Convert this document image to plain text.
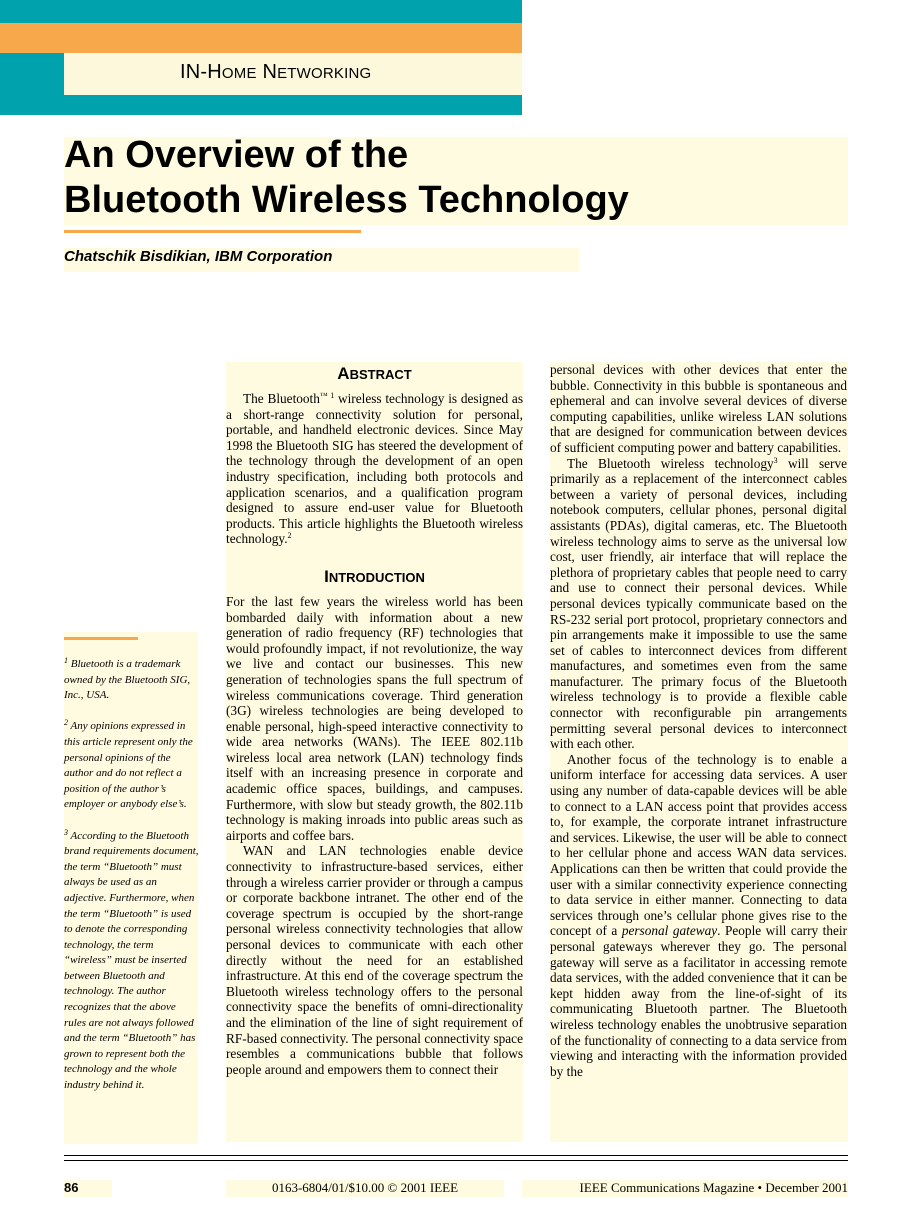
IN-HOME NETWORKING
An Overview of the
Bluetooth Wireless Technology
Chatschik Bisdikian, IBM Corporation
ABSTRACT

The Bluetooth$^{™ 1}$ wireless technology is designed as a short-range connectivity solution for personal, portable, and handheld electronic devices. Since May 1998 the Bluetooth SIG has steered the development of the technology through the development of an open industry specification, including both protocols and application scenarios, and a qualification program designed to assure end-user value for Bluetooth products. This article highlights the Bluetooth wireless technology.$^2$

INTRODUCTION

For the last few years the wireless world has been bombarded daily with information about a new generation of radio frequency (RF) technologies that would profoundly impact, if not revolutionize, the way we live and contact our businesses. This new generation of technologies spans the full spectrum of wireless communications coverage. Third generation (3G) wireless technologies are being developed to enable personal, high-speed interactive connectivity to wide area networks (WANs). The IEEE 802.11b wireless local area network (LAN) technology finds itself with an increasing presence in corporate and academic office spaces, buildings, and campuses. Furthermore, with slow but steady growth, the 802.11b technology is making inroads into public areas such as airports and coffee bars.

WAN and LAN technologies enable device connectivity to infrastructure-based services, either through a wireless carrier provider or through a campus or corporate backbone intranet. The other end of the coverage spectrum is occupied by the short-range personal wireless connectivity technologies that allow personal devices to communicate with each other directly without the need for an established infrastructure. At this end of the coverage spectrum the Bluetooth wireless technology offers to the personal connectivity space the benefits of omni-directionality and the elimination of the line of sight requirement of RF-based connectivity. The personal connectivity space resembles a communications bubble that follows people around and empowers them to connect their

personal devices with other devices that enter the bubble. Connectivity in this bubble is spontaneous and ephemeral and can involve several devices of diverse computing capabilities, unlike wireless LAN solutions that are designed for communication between devices of sufficient computing power and battery capabilities.

The Bluetooth wireless technology$^3$ will serve primarily as a replacement of the interconnect cables between a variety of personal devices, including notebook computers, cellular phones, personal digital assistants (PDAs), digital cameras, etc. The Bluetooth wireless technology aims to serve as the universal low cost, user friendly, air interface that will replace the plethora of proprietary cables that people need to carry and use to connect their personal devices. While personal devices typically communicate based on the RS-232 serial port protocol, proprietary connectors and pin arrangements make it impossible to use the same set of cables to interconnect devices from different manufactures, and sometimes even from the same manufacturer. The primary focus of the Bluetooth wireless technology is to provide a flexible cable connector with reconfigurable pin arrangements permitting several personal devices to interconnect with each other.

Another focus of the technology is to enable a uniform interface for accessing data services. A user using any number of data-capable devices will be able to connect to a LAN access point that provides access to, for example, the corporate intranet infrastructure and services. Likewise, the user will be able to connect to her cellular phone and access WAN data services. Applications can then be written that could provide the user with a similar connectivity experience connecting to data service in either manner. Connecting to data services through one’s cellular phone gives rise to the concept of a personal gateway. People will carry their personal gateways wherever they go. The personal gateway will serve as a facilitator in accessing remote data services, with the added convenience that it can be kept hidden away from the line-of-sight of its communicating Bluetooth partner. The Bluetooth wireless technology enables the unobtrusive separation of the functionality of connecting to a data service from viewing and interacting with the information provided by the

$^1$ Bluetooth is a trademark owned by the Bluetooth SIG, Inc., USA.

$^2$ Any opinions expressed in this article represent only the personal opinions of the author and do not reflect a position of the author’s employer or anybody else’s.

$^3$ According to the Bluetooth brand requirements document, the term “Bluetooth” must always be used as an adjective. Furthermore, when the term “Bluetooth” is used to denote the corresponding technology, the term “wireless” must be inserted between Bluetooth and technology. The author recognizes that the above rules are not always followed and the term “Bluetooth” has grown to represent both the technology and the whole industry behind it.

86	0163-6804/01/$10.00 © 2001 IEEE	IEEE Communications Magazine • December 2001
